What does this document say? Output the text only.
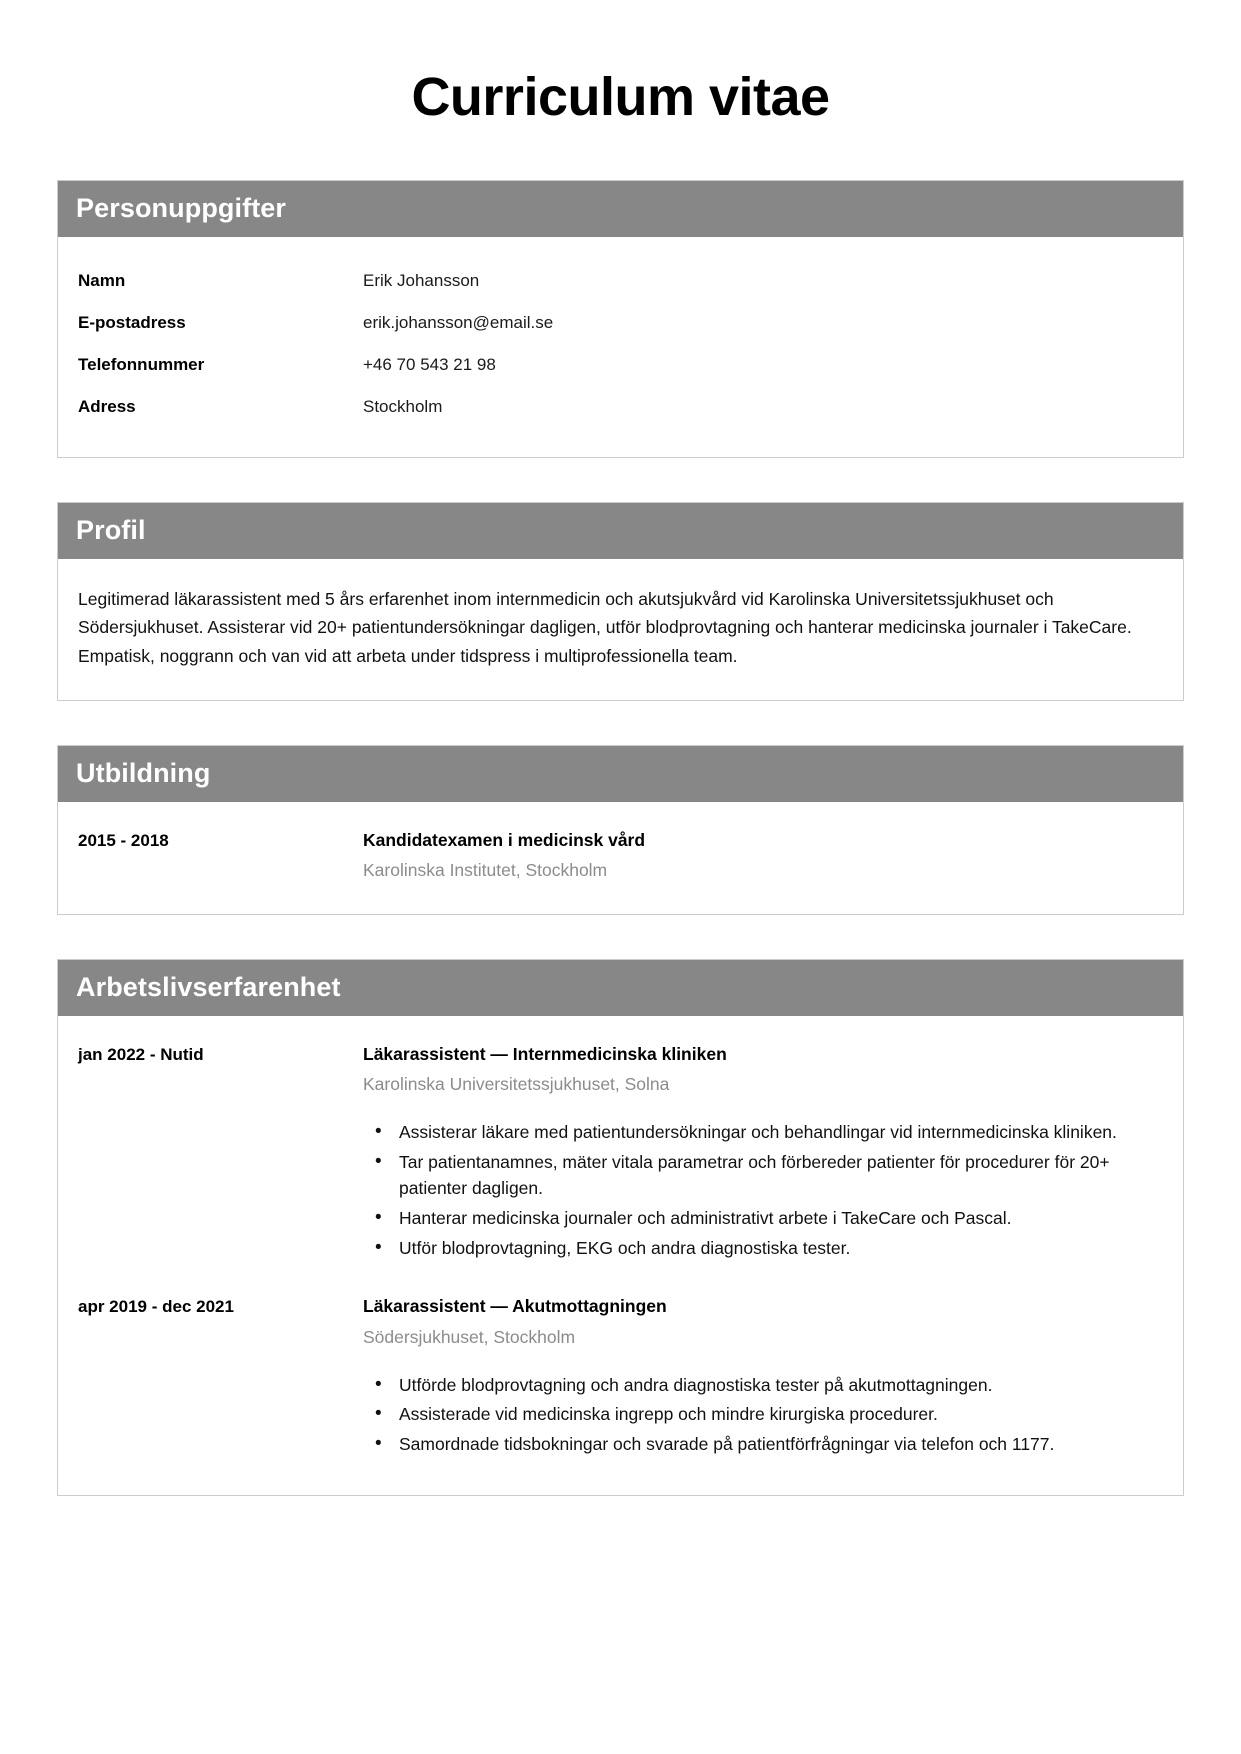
Curriculum vitae
Personuppgifter
Namn	Erik Johansson
E-postadress	erik.johansson@email.se
Telefonnummer	+46 70 543 21 98
Adress	Stockholm
Profil

Legitimerad läkarassistent med 5 års erfarenhet inom internmedicin och akutsjukvård vid Karolinska Universitetssjukhuset och Södersjukhuset. Assisterar vid 20+ patientundersökningar dagligen, utför blodprovtagning och hanterar medicinska journaler i TakeCare. Empatisk, noggrann och van vid att arbeta under tidspress i multiprofessionella team.

Utbildning
2015 - 2018	Kandidatexamen i medicinsk vård
Karolinska Institutet, Stockholm
Arbetslivserfarenhet
jan 2022 - Nutid	Läkarassistent — Internmedicinska kliniken
Karolinska Universitetssjukhuset, Solna
• Assisterar läkare med patientundersökningar och behandlingar vid internmedicinska kliniken.
• Tar patientanamnes, mäter vitala parametrar och förbereder patienter för procedurer för 20+ patienter dagligen.
• Hanterar medicinska journaler och administrativt arbete i TakeCare och Pascal.
• Utför blodprovtagning, EKG och andra diagnostiska tester.
apr 2019 - dec 2021	Läkarassistent — Akutmottagningen
Södersjukhuset, Stockholm
• Utförde blodprovtagning och andra diagnostiska tester på akutmottagningen.
• Assisterade vid medicinska ingrepp och mindre kirurgiska procedurer.
• Samordnade tidsbokningar och svarade på patientförfrågningar via telefon och 1177.
